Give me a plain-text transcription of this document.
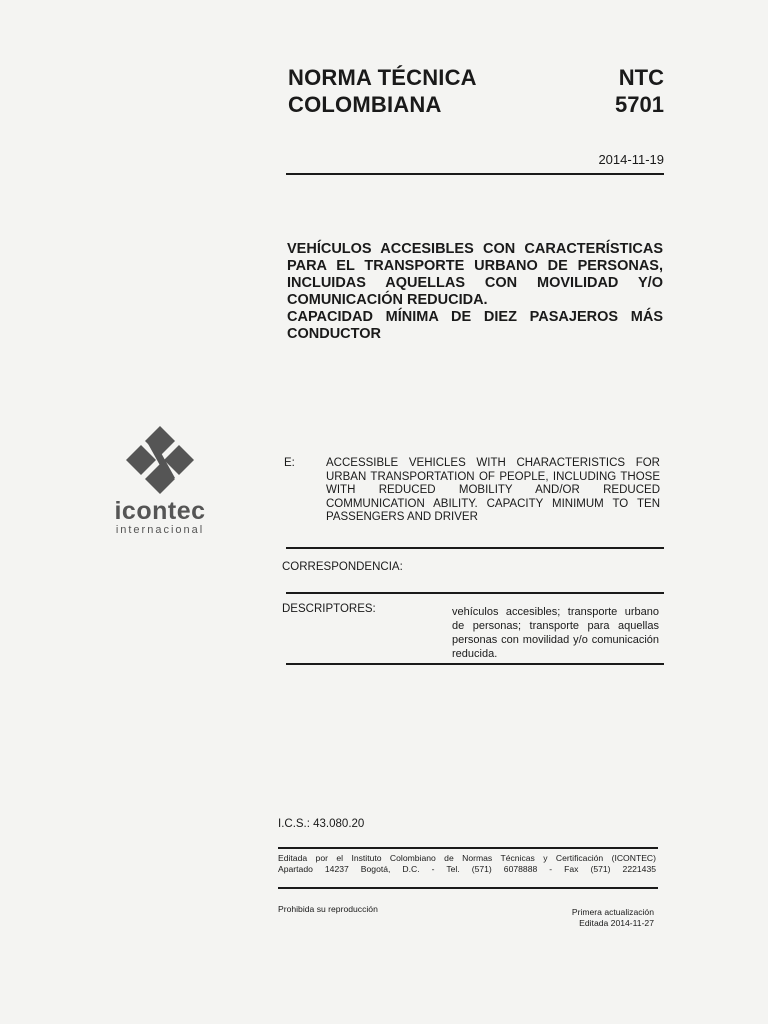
NORMA TÉCNICA
COLOMBIANA
NTC
5701
2014-11-19

VEHÍCULOS ACCESIBLES CON CARACTERÍSTICAS PARA EL TRANSPORTE URBANO DE PERSONAS, INCLUIDAS AQUELLAS CON MOVILIDAD Y/O COMUNICACIÓN REDUCIDA.

CAPACIDAD MÍNIMA DE DIEZ PASAJEROS MÁS CONDUCTOR

icontec
internacional
E:	ACCESSIBLE VEHICLES WITH CHARACTERISTICS FOR URBAN TRANSPORTATION OF PEOPLE, INCLUDING THOSE WITH REDUCED MOBILITY AND/OR REDUCED COMMUNICATION ABILITY. CAPACITY MINIMUM TO TEN PASSENGERS AND DRIVER
CORRESPONDENCIA:
DESCRIPTORES:	vehículos accesibles; transporte urbano de personas; transporte para aquellas personas con movilidad y/o comunicación reducida.
I.C.S.: 43.080.20
Editada por el Instituto Colombiano de Normas Técnicas y Certificación (ICONTEC)
Apartado 14237 Bogotá, D.C. - Tel. (571) 6078888 - Fax (571) 2221435
Prohibida su reproducción	Primera actualización
Editada 2014-11-27
